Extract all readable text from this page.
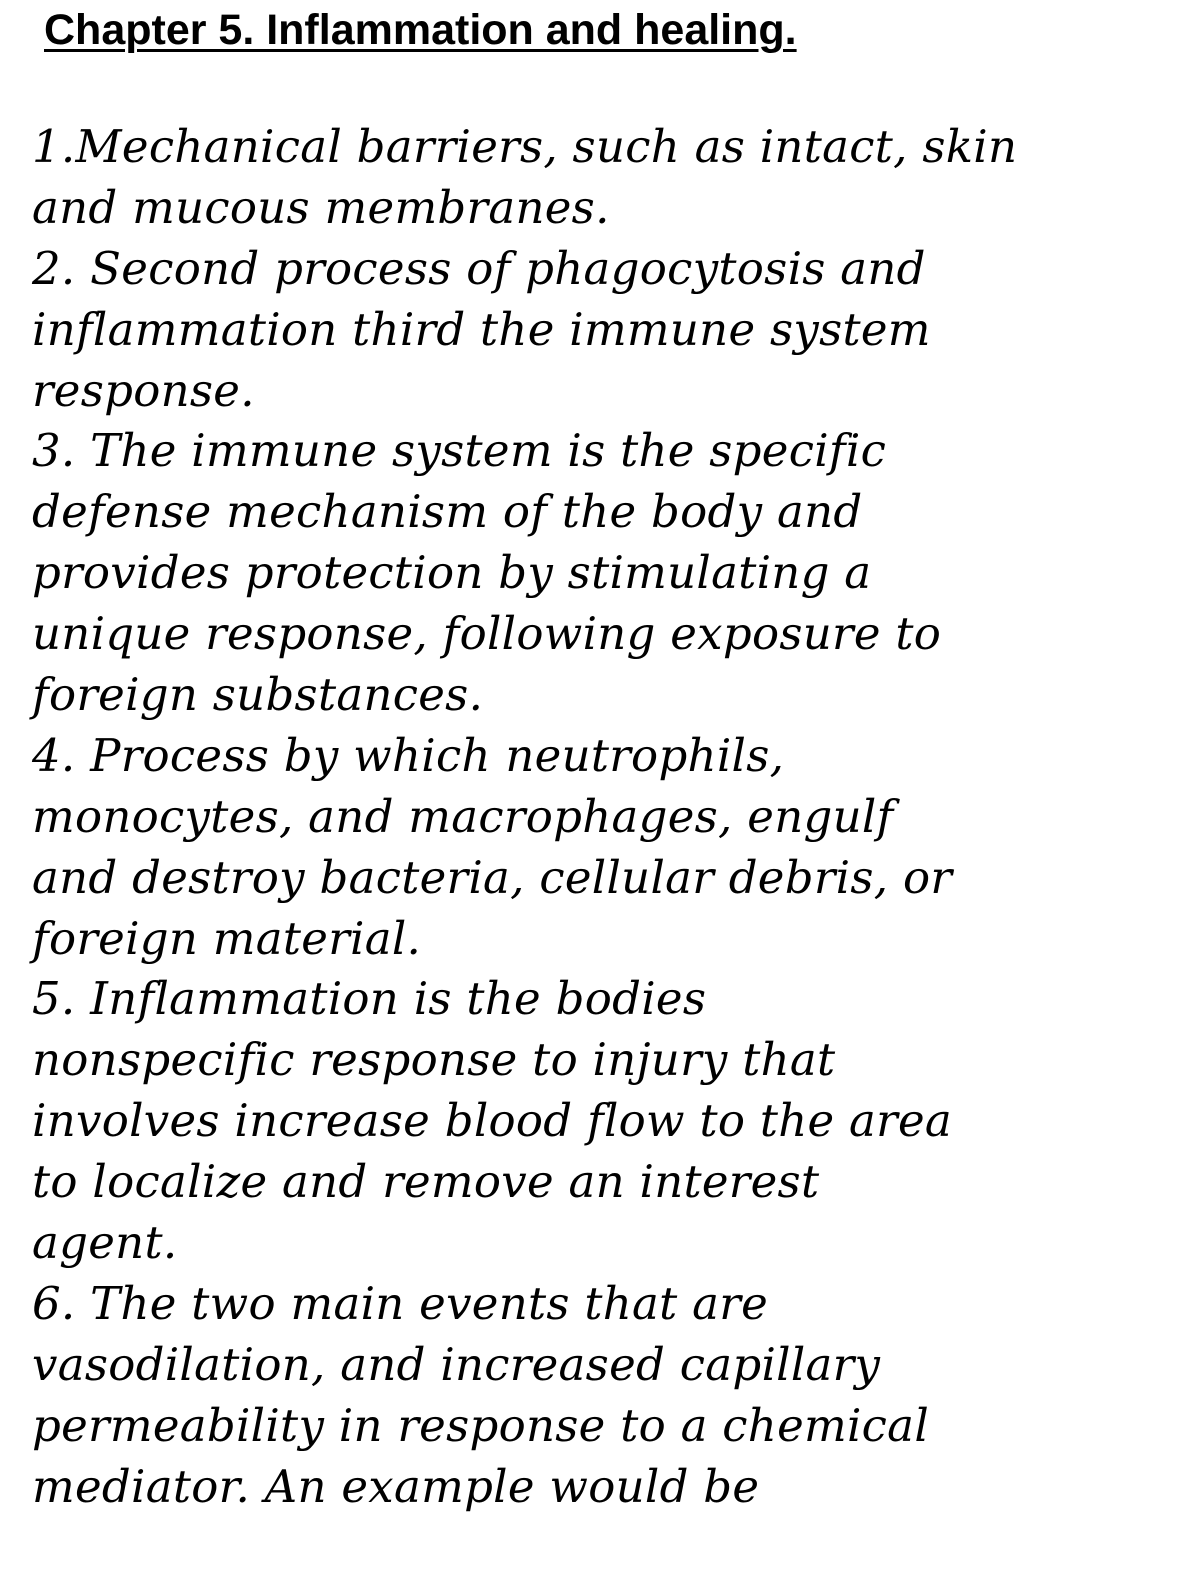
Chapter 5. Inflammation and healing.
1.Mechanical barriers, such as intact, skin
and mucous membranes.
2. Second process of phagocytosis and
inflammation third the immune system
response.
3. The immune system is the specific
defense mechanism of the body and
provides protection by stimulating a
unique response, following exposure to
foreign substances.
4. Process by which neutrophils,
monocytes, and macrophages, engulf
and destroy bacteria, cellular debris, or
foreign material.
5. Inflammation is the bodies
nonspecific response to injury that
involves increase blood flow to the area
to localize and remove an interest
agent.
6. The two main events that are
vasodilation, and increased capillary
permeability in response to a chemical
mediator. An example would be
